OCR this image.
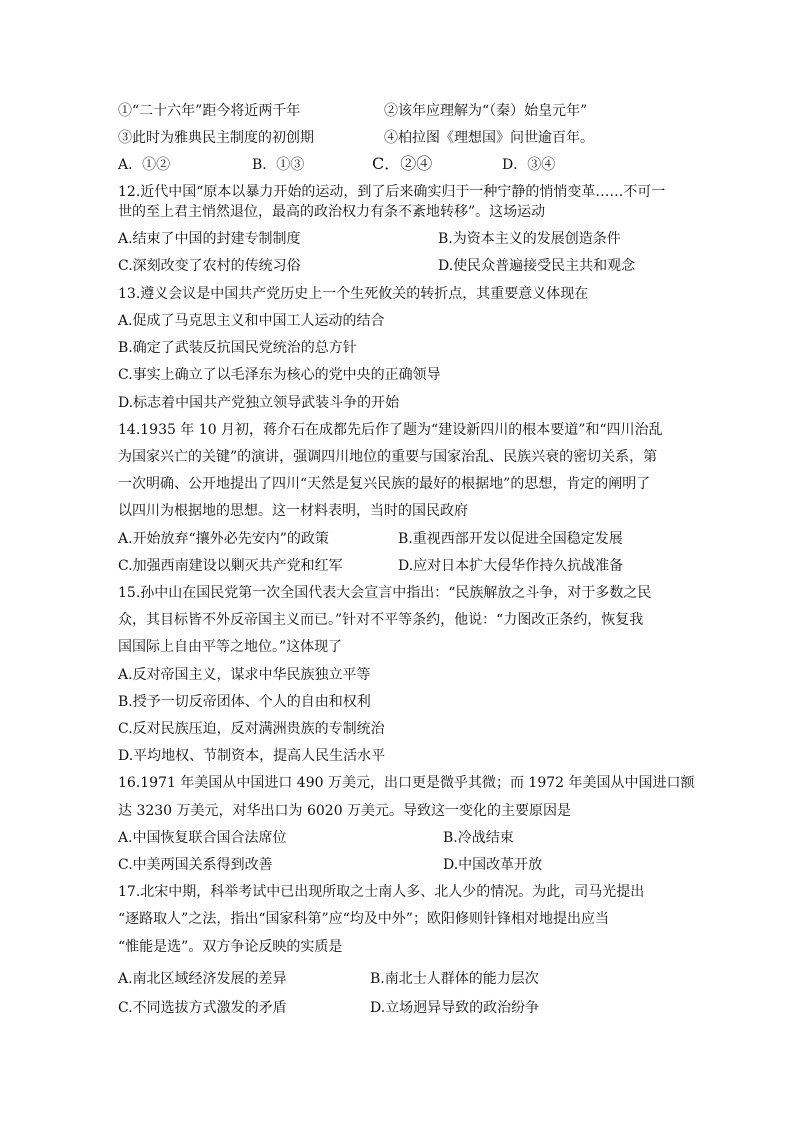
①“二十六年”距今将近两千年	②该年应理解为“（秦）始皇元年”
③此时为雅典民主制度的初创期	④柏拉图《理想国》问世逾百年。
A．①②	B．①③	C．②④	D．③④
12.近代中国“原本以暴力开始的运动，到了后来确实归于一种宁静的悄悄变革……不可一
世的至上君主悄然退位，最高的政治权力有条不紊地转移”。这场运动
A.结束了中国的封建专制制度	B.为资本主义的发展创造条件
C.深刻改变了农村的传统习俗	D.使民众普遍接受民主共和观念
13.遵义会议是中国共产党历史上一个生死攸关的转折点，其重要意义体现在
A.促成了马克思主义和中国工人运动的结合
B.确定了武装反抗国民党统治的总方针
C.事实上确立了以毛泽东为核心的党中央的正确领导
D.标志着中国共产党独立领导武装斗争的开始
14.1935 年 10 月初，蒋介石在成都先后作了题为“建设新四川的根本要道”和“四川治乱
为国家兴亡的关键”的演讲，强调四川地位的重要与国家治乱、民族兴衰的密切关系，第
一次明确、公开地提出了四川“天然是复兴民族的最好的根据地”的思想，肯定的阐明了
以四川为根据地的思想。这一材料表明，当时的国民政府
A.开始放弃“攘外必先安内”的政策	B.重视西部开发以促进全国稳定发展
C.加强西南建设以剿灭共产党和红军	D.应对日本扩大侵华作持久抗战准备
15.孙中山在国民党第一次全国代表大会宣言中指出：“民族解放之斗争，对于多数之民
众，其目标皆不外反帝国主义而已。”针对不平等条约，他说：“力图改正条约，恢复我
国国际上自由平等之地位。”这体现了
A.反对帝国主义，谋求中华民族独立平等
B.授予一切反帝团体、个人的自由和权利
C.反对民族压迫，反对满洲贵族的专制统治
D.平均地权、节制资本，提高人民生活水平
16.1971 年美国从中国进口 490 万美元，出口更是微乎其微；而 1972 年美国从中国进口额
达 3230 万美元，对华出口为 6020 万美元。导致这一变化的主要原因是
A.中国恢复联合国合法席位	B.冷战结束
C.中美两国关系得到改善	D.中国改革开放
17.北宋中期，科举考试中已出现所取之士南人多、北人少的情况。为此，司马光提出
“逐路取人”之法，指出“国家科第”应“均及中外”；欧阳修则针锋相对地提出应当
“惟能是选”。双方争论反映的实质是
A.南北区域经济发展的差异	B.南北士人群体的能力层次
C.不同选拔方式激发的矛盾	D.立场迥异导致的政治纷争
